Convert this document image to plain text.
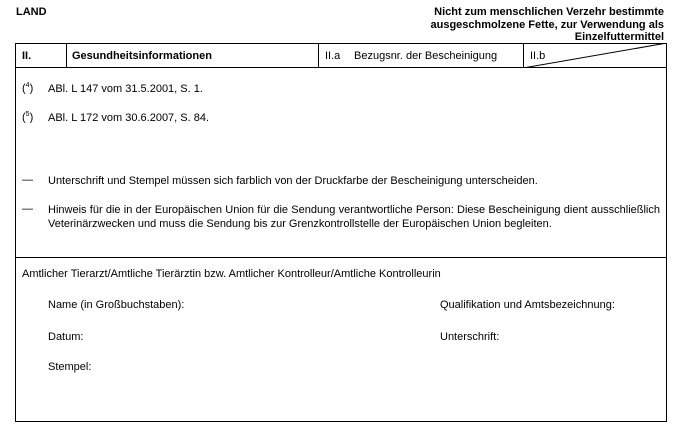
LAND	Nicht zum menschlichen Verzehr bestimmte
ausgeschmolzene Fette, zur Verwendung als
Einzelfuttermittel
II.	Gesundheitsinformationen	II.a Bezugsnr. der Bescheinigung	II.b
($^4$) ABl. L 147 vom 31.5.2001, S. 1.
($^5$) ABl. L 172 vom 30.6.2007, S. 84.
— Unterschrift und Stempel müssen sich farblich von der Druckfarbe der Bescheinigung unterscheiden.
— Hinweis für die in der Europäischen Union für die Sendung verantwortliche Person: Diese Bescheinigung dient ausschließlich Veterinärzwecken und muss die Sendung bis zur Grenzkontrollstelle der Europäischen Union begleiten.
Amtlicher Tierarzt/Amtliche Tierärztin bzw. Amtlicher Kontrolleur/Amtliche Kontrolleurin
Name (in Großbuchstaben):	Qualifikation und Amtsbezeichnung:
Datum:	Unterschrift:
Stempel:
